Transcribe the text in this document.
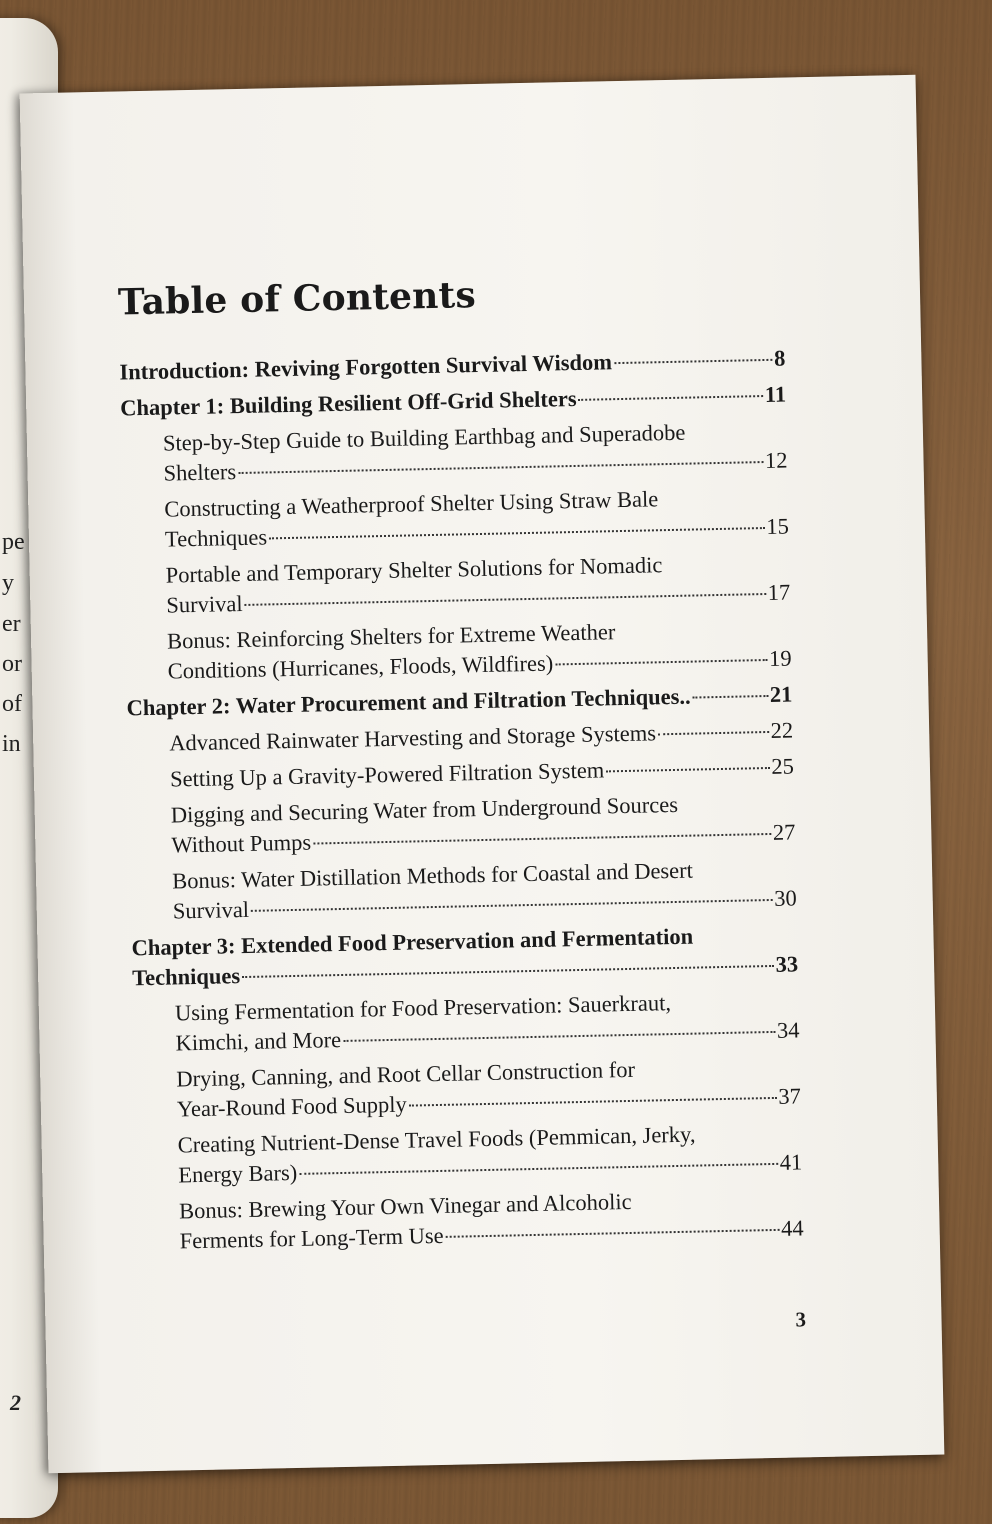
pe
y
er
or
of
in
2
Table of Contents
Introduction: Reviving Forgotten Survival Wisdom	8
Chapter 1: Building Resilient Off-Grid Shelters	11
Step-by-Step Guide to Building Earthbag and Superadobe
Shelters	12
Constructing a Weatherproof Shelter Using Straw Bale
Techniques	15
Portable and Temporary Shelter Solutions for Nomadic
Survival	17
Bonus: Reinforcing Shelters for Extreme Weather
Conditions (Hurricanes, Floods, Wildfires)	19
Chapter 2: Water Procurement and Filtration Techniques..	21
Advanced Rainwater Harvesting and Storage Systems	22
Setting Up a Gravity-Powered Filtration System	25
Digging and Securing Water from Underground Sources
Without Pumps	27
Bonus: Water Distillation Methods for Coastal and Desert
Survival	30
Chapter 3: Extended Food Preservation and Fermentation
Techniques	33
Using Fermentation for Food Preservation: Sauerkraut,
Kimchi, and More	34
Drying, Canning, and Root Cellar Construction for
Year-Round Food Supply	37
Creating Nutrient-Dense Travel Foods (Pemmican, Jerky,
Energy Bars)	41
Bonus: Brewing Your Own Vinegar and Alcoholic
Ferments for Long-Term Use	44
3
